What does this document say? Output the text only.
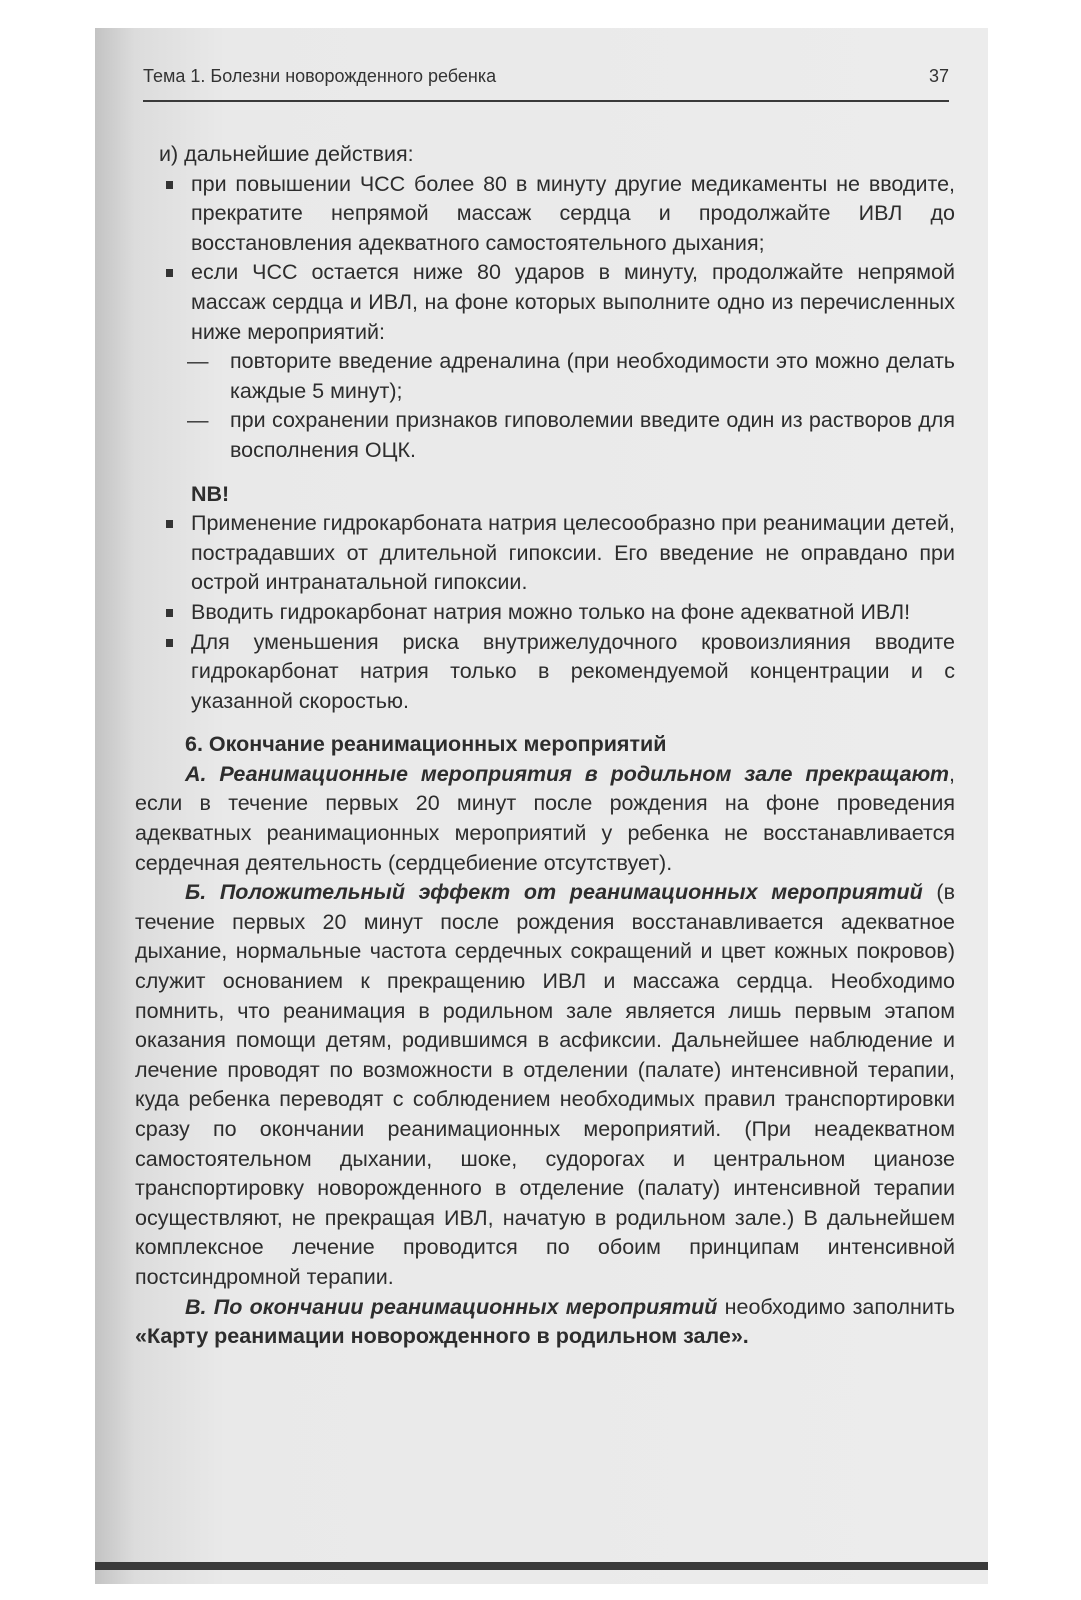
Тема 1. Болезни новорожденного ребенка	37

и) дальнейшие действия:

при повышении ЧСС более 80 в минуту другие медикаменты не вводите, прекратите непрямой массаж сердца и продолжайте ИВЛ до восстановления адекватного самостоятельного дыхания;

если ЧСС остается ниже 80 ударов в минуту, продолжайте непрямой массаж сердца и ИВЛ, на фоне которых выполните одно из перечисленных ниже мероприятий:

— повторите введение адреналина (при необходимости это можно делать каждые 5 минут);

— при сохранении признаков гиповолемии введите один из растворов для восполнения ОЦК.

NB!

Применение гидрокарбоната натрия целесообразно при реанимации детей, пострадавших от длительной гипоксии. Его введение не оправдано при острой интранатальной гипоксии.

Вводить гидрокарбонат натрия можно только на фоне адекватной ИВЛ!

Для уменьшения риска внутрижелудочного кровоизлияния вводите гидрокарбонат натрия только в рекомендуемой концентрации и с указанной скоростью.

6. Окончание реанимационных мероприятий

А. Реанимационные мероприятия в родильном зале прекращают, если в течение первых 20 минут после рождения на фоне проведения адекватных реанимационных мероприятий у ребенка не восстанавливается сердечная деятельность (сердцебиение отсутствует).

Б. Положительный эффект от реанимационных мероприятий (в течение первых 20 минут после рождения восстанавливается адекватное дыхание, нормальные частота сердечных сокращений и цвет кожных покровов) служит основанием к прекращению ИВЛ и массажа сердца. Необходимо помнить, что реанимация в родильном зале является лишь первым этапом оказания помощи детям, родившимся в асфиксии. Дальнейшее наблюдение и лечение проводят по возможности в отделении (палате) интенсивной терапии, куда ребенка переводят с соблюдением необходимых правил транспортировки сразу по окончании реанимационных мероприятий. (При неадекватном самостоятельном дыхании, шоке, судорогах и центральном цианозе транспортировку новорожденного в отделение (палату) интенсивной терапии осуществляют, не прекращая ИВЛ, начатую в родильном зале.) В дальнейшем комплексное лечение проводится по обоим принципам интенсивной постсиндромной терапии.

В. По окончании реанимационных мероприятий необходимо заполнить «Карту реанимации новорожденного в родильном зале».
